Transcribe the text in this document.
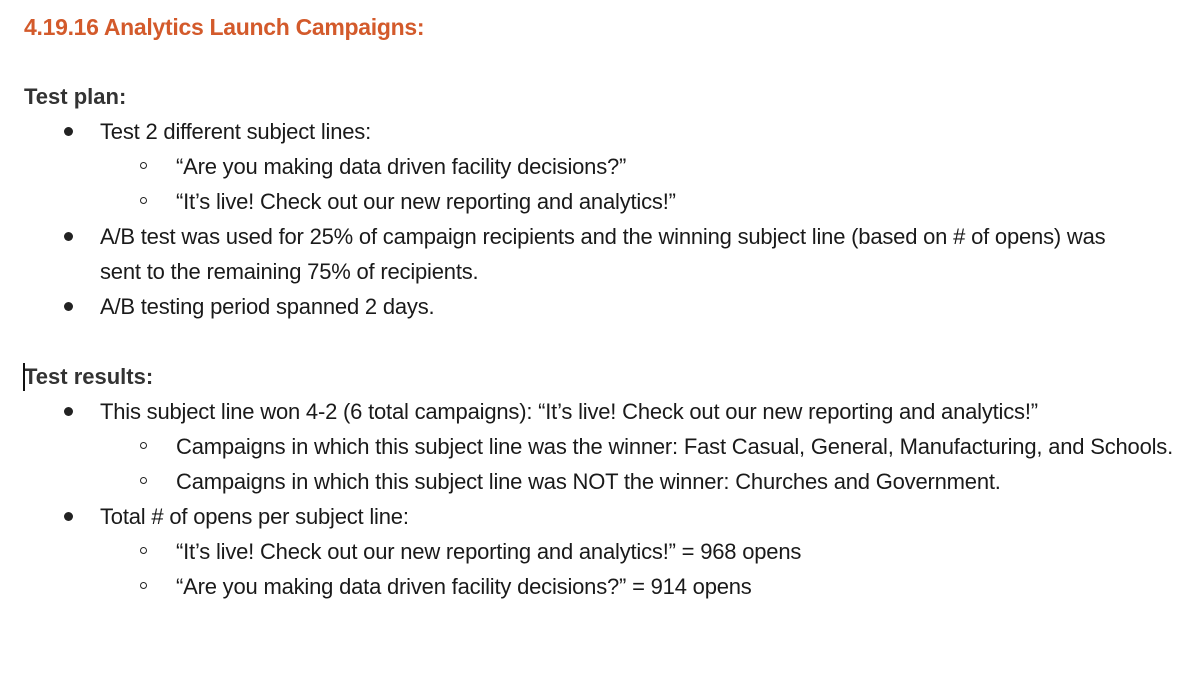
4.19.16 Analytics Launch Campaigns:
Test plan:
Test 2 different subject lines:
“Are you making data driven facility decisions?”
“It’s live! Check out our new reporting and analytics!”
A/B test was used for 25% of campaign recipients and the winning subject line (based on # of opens) was sent to the remaining 75% of recipients.
A/B testing period spanned 2 days.
Test results:
This subject line won 4-2 (6 total campaigns): “It’s live! Check out our new reporting and analytics!”
Campaigns in which this subject line was the winner: Fast Casual, General, Manufacturing, and Schools.
Campaigns in which this subject line was NOT the winner: Churches and Government.
Total # of opens per subject line:
“It’s live! Check out our new reporting and analytics!” = 968 opens
“Are you making data driven facility decisions?” = 914 opens
